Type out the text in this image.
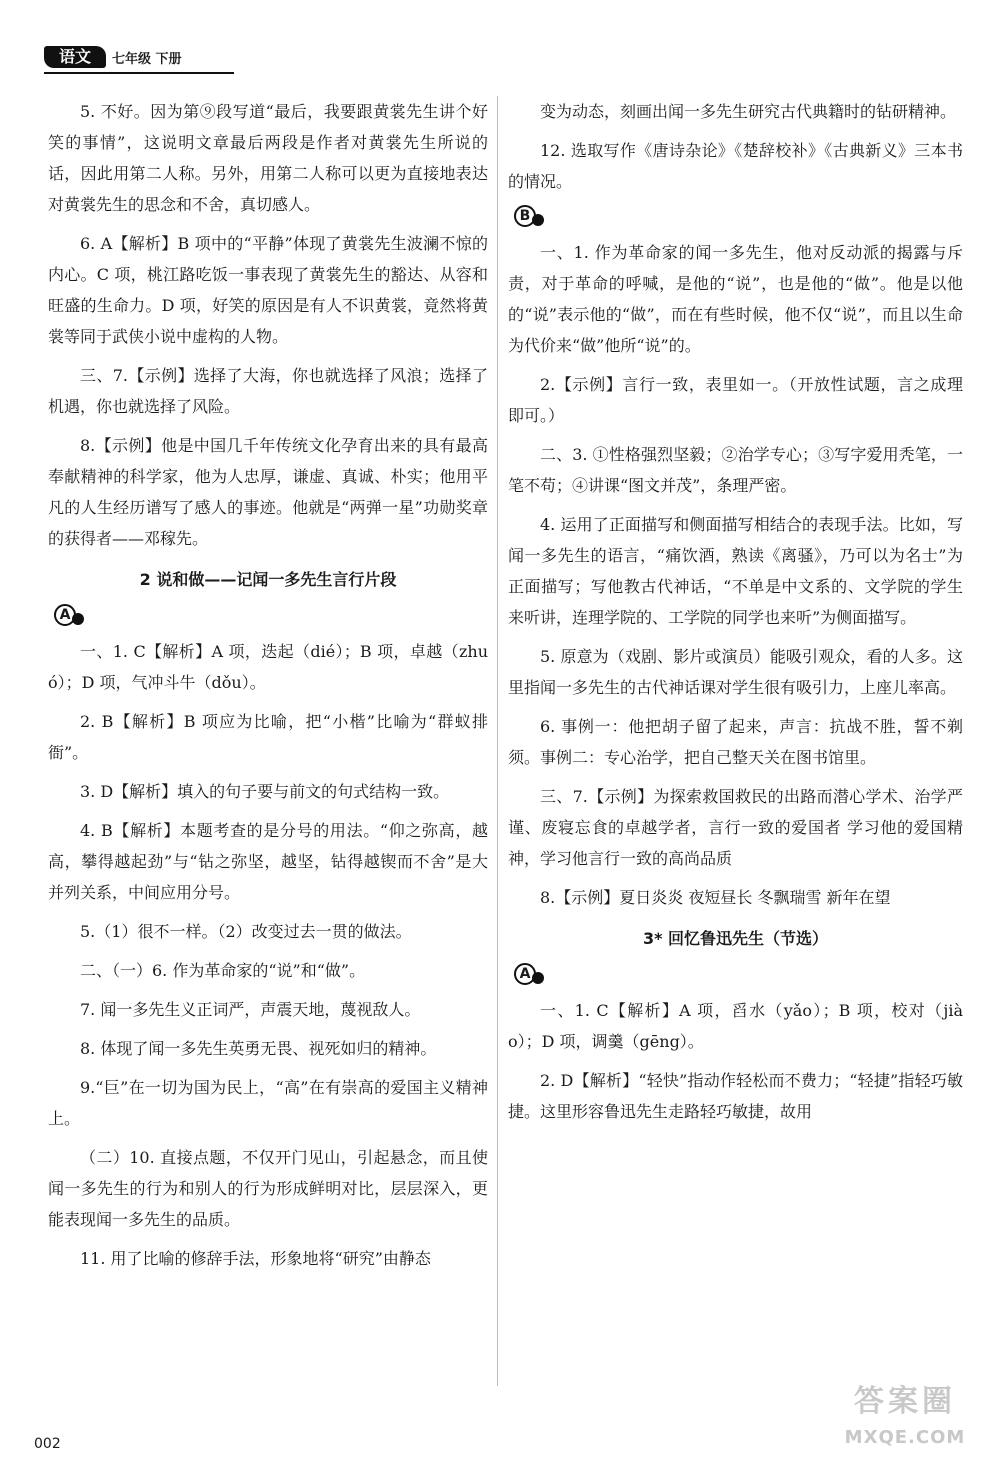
语文	七年级 下册

5. 不好。因为第⑨段写道“最后，我要跟黄裳先生讲个好笑的事情”，这说明文章最后两段是作者对黄裳先生所说的话，因此用第二人称。另外，用第二人称可以更为直接地表达对黄裳先生的思念和不舍，真切感人。

6. A【解析】B 项中的“平静”体现了黄裳先生波澜不惊的内心。C 项，桃江路吃饭一事表现了黄裳先生的豁达、从容和旺盛的生命力。D 项，好笑的原因是有人不识黄裳，竟然将黄裳等同于武侠小说中虚构的人物。

三、7.【示例】选择了大海，你也就选择了风浪；选择了机遇，你也就选择了风险。

8.【示例】他是中国几千年传统文化孕育出来的具有最高奉献精神的科学家，他为人忠厚，谦虚、真诚、朴实；他用平凡的人生经历谱写了感人的事迹。他就是“两弹一星”功勋奖章的获得者——邓稼先。

2 说和做——记闻一多先生言行片段
A

一、1. C【解析】A 项，迭起（dié）；B 项，卓越（zhuó）；D 项，气冲斗牛（dǒu）。

2. B【解析】B 项应为比喻，把“小楷”比喻为“群蚁排衙”。

3. D【解析】填入的句子要与前文的句式结构一致。

4. B【解析】本题考查的是分号的用法。“仰之弥高，越高，攀得越起劲”与“钻之弥坚，越坚，钻得越锲而不舍”是大并列关系，中间应用分号。

5.（1）很不一样。（2）改变过去一贯的做法。

二、（一）6. 作为革命家的“说”和“做”。

7. 闻一多先生义正词严，声震天地，蔑视敌人。

8. 体现了闻一多先生英勇无畏、视死如归的精神。

9.“巨”在一切为国为民上，“高”在有崇高的爱国主义精神上。

（二）10. 直接点题，不仅开门见山，引起悬念，而且使闻一多先生的行为和别人的行为形成鲜明对比，层层深入，更能表现闻一多先生的品质。

11. 用了比喻的修辞手法，形象地将“研究”由静态

变为动态，刻画出闻一多先生研究古代典籍时的钻研精神。

12. 选取写作《唐诗杂论》《楚辞校补》《古典新义》三本书的情况。

B

一、1. 作为革命家的闻一多先生，他对反动派的揭露与斥责，对于革命的呼喊，是他的“说”，也是他的“做”。他是以他的“说”表示他的“做”，而在有些时候，他不仅“说”，而且以生命为代价来“做”他所“说”的。

2.【示例】言行一致，表里如一。（开放性试题，言之成理即可。）

二、3. ①性格强烈坚毅；②治学专心；③写字爱用秃笔，一笔不苟；④讲课“图文并茂”，条理严密。

4. 运用了正面描写和侧面描写相结合的表现手法。比如，写闻一多先生的语言，“痛饮酒，熟读《离骚》，乃可以为名士”为正面描写；写他教古代神话，“不单是中文系的、文学院的学生来听讲，连理学院的、工学院的同学也来听”为侧面描写。

5. 原意为（戏剧、影片或演员）能吸引观众，看的人多。这里指闻一多先生的古代神话课对学生很有吸引力，上座儿率高。

6. 事例一：他把胡子留了起来，声言：抗战不胜，誓不剃须。事例二：专心治学，把自己整天关在图书馆里。

三、7.【示例】为探索救国救民的出路而潜心学术、治学严谨、废寝忘食的卓越学者，言行一致的爱国者 学习他的爱国精神，学习他言行一致的高尚品质

8.【示例】夏日炎炎 夜短昼长 冬飘瑞雪 新年在望

3* 回忆鲁迅先生（节选）
A

一、1. C【解析】A 项，舀水（yǎo）；B 项，校对（jiào）；D 项，调羹（gēng）。

2. D【解析】“轻快”指动作轻松而不费力；“轻捷”指轻巧敏捷。这里形容鲁迅先生走路轻巧敏捷，故用

002
答案圈
MXQE.COM
